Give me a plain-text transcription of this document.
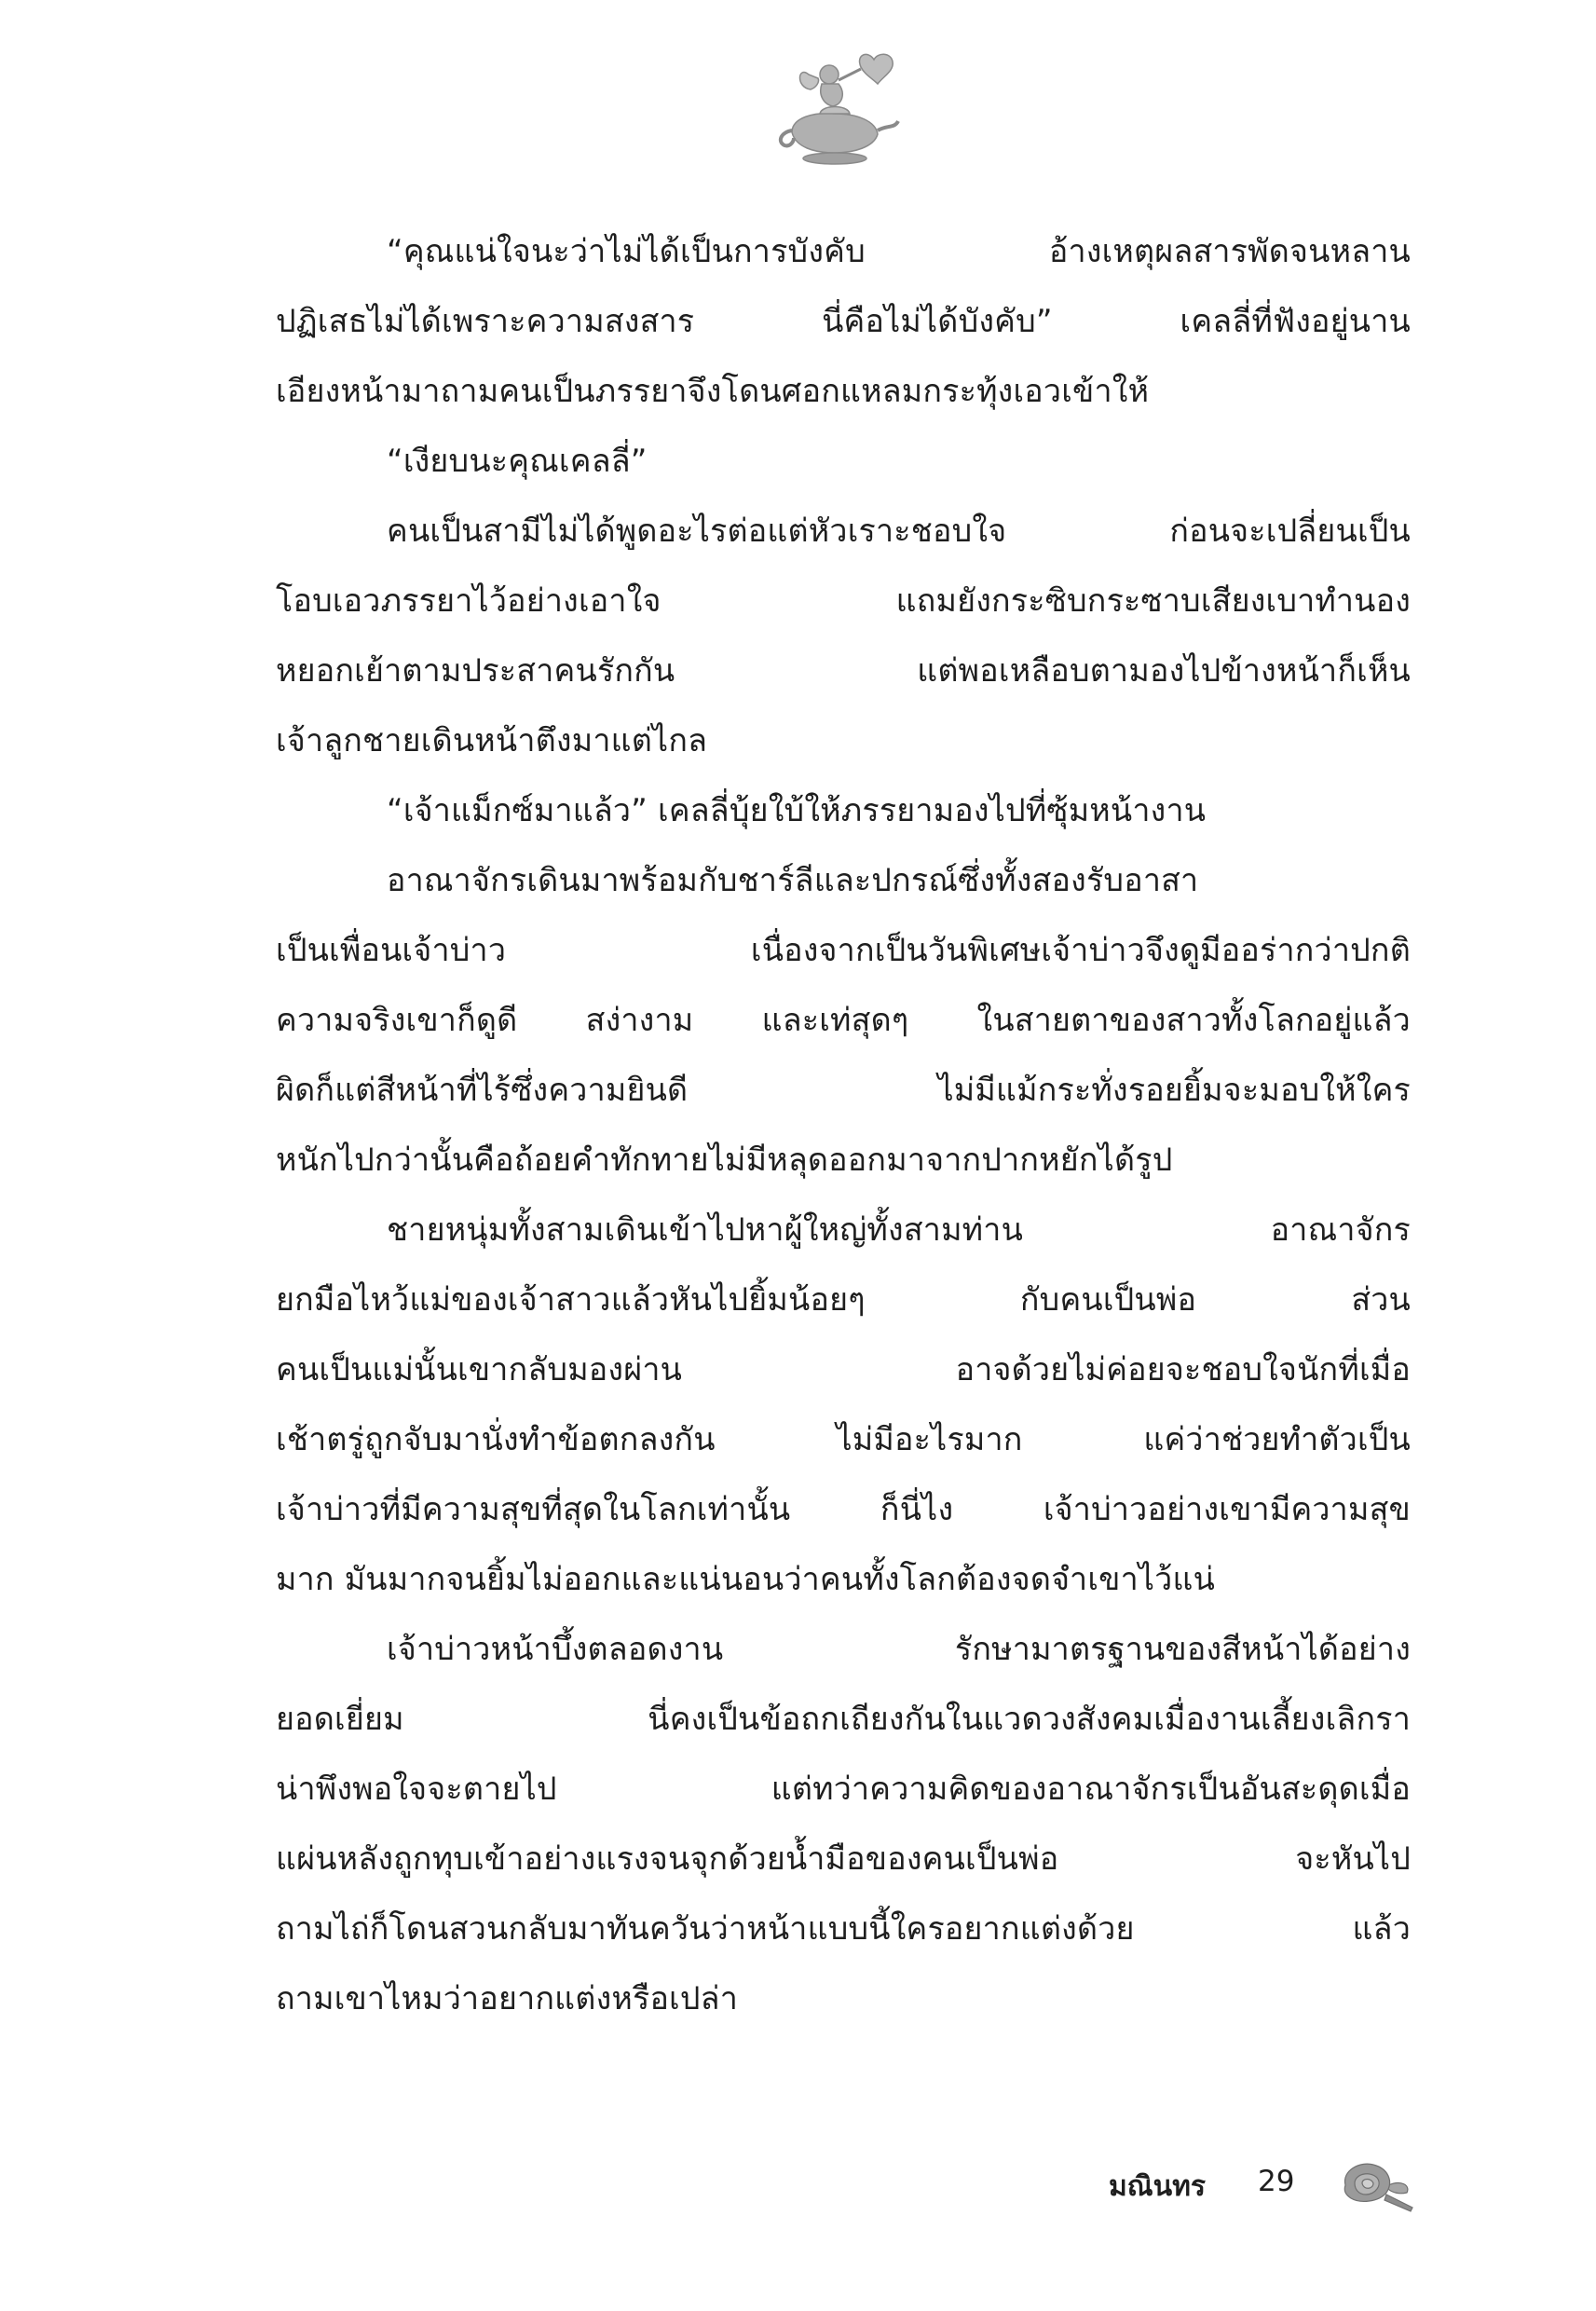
“คุณแน่ใจนะว่าไม่ได้เป็นการบังคับ	อ้างเหตุผลสารพัดจนหลาน
ปฏิเสธไม่ได้เพราะความสงสาร	นี่คือไม่ได้บังคับ”	เคลลี่ที่ฟังอยู่นาน
เอียงหน้ามาถามคนเป็นภรรยาจึงโดนศอกแหลมกระทุ้งเอวเข้าให้
“เงียบนะคุณเคลลี่”
คนเป็นสามีไม่ได้พูดอะไรต่อแต่หัวเราะชอบใจ	ก่อนจะเปลี่ยนเป็น
โอบเอวภรรยาไว้อย่างเอาใจ	แถมยังกระซิบกระซาบเสียงเบาทำนอง
หยอกเย้าตามประสาคนรักกัน	แต่พอเหลือบตามองไปข้างหน้าก็เห็น
เจ้าลูกชายเดินหน้าตึงมาแต่ไกล
“เจ้าแม็กซ์มาแล้ว” เคลลี่บุ้ยใบ้ให้ภรรยามองไปที่ซุ้มหน้างาน
อาณาจักรเดินมาพร้อมกับชาร์ลีและปกรณ์ซึ่งทั้งสองรับอาสา
เป็นเพื่อนเจ้าบ่าว	เนื่องจากเป็นวันพิเศษเจ้าบ่าวจึงดูมีออร่ากว่าปกติ
ความจริงเขาก็ดูดี สง่างาม และเท่สุดๆ ในสายตาของสาวทั้งโลกอยู่แล้ว
ผิดก็แต่สีหน้าที่ไร้ซึ่งความยินดี	ไม่มีแม้กระทั่งรอยยิ้มจะมอบให้ใคร
หนักไปกว่านั้นคือถ้อยคำทักทายไม่มีหลุดออกมาจากปากหยักได้รูป
ชายหนุ่มทั้งสามเดินเข้าไปหาผู้ใหญ่ทั้งสามท่าน	อาณาจักร
ยกมือไหว้แม่ของเจ้าสาวแล้วหันไปยิ้มน้อยๆ	กับคนเป็นพ่อ	ส่วน
คนเป็นแม่นั้นเขากลับมองผ่าน	อาจด้วยไม่ค่อยจะชอบใจนักที่เมื่อ
เช้าตรู่ถูกจับมานั่งทำข้อตกลงกัน	ไม่มีอะไรมาก	แค่ว่าช่วยทำตัวเป็น
เจ้าบ่าวที่มีความสุขที่สุดในโลกเท่านั้น	ก็นี่ไง	เจ้าบ่าวอย่างเขามีความสุข
มาก มันมากจนยิ้มไม่ออกและแน่นอนว่าคนทั้งโลกต้องจดจำเขาไว้แน่
เจ้าบ่าวหน้าบึ้งตลอดงาน	รักษามาตรฐานของสีหน้าได้อย่าง
ยอดเยี่ยม	นี่คงเป็นข้อถกเถียงกันในแวดวงสังคมเมื่องานเลี้ยงเลิกรา
น่าพึงพอใจจะตายไป	แต่ทว่าความคิดของอาณาจักรเป็นอันสะดุดเมื่อ
แผ่นหลังถูกทุบเข้าอย่างแรงจนจุกด้วยน้ำมือของคนเป็นพ่อ	จะหันไป
ถามไถ่ก็โดนสวนกลับมาทันควันว่าหน้าแบบนี้ใครอยากแต่งด้วย	แล้ว
ถามเขาไหมว่าอยากแต่งหรือเปล่า
มณินทร 29
